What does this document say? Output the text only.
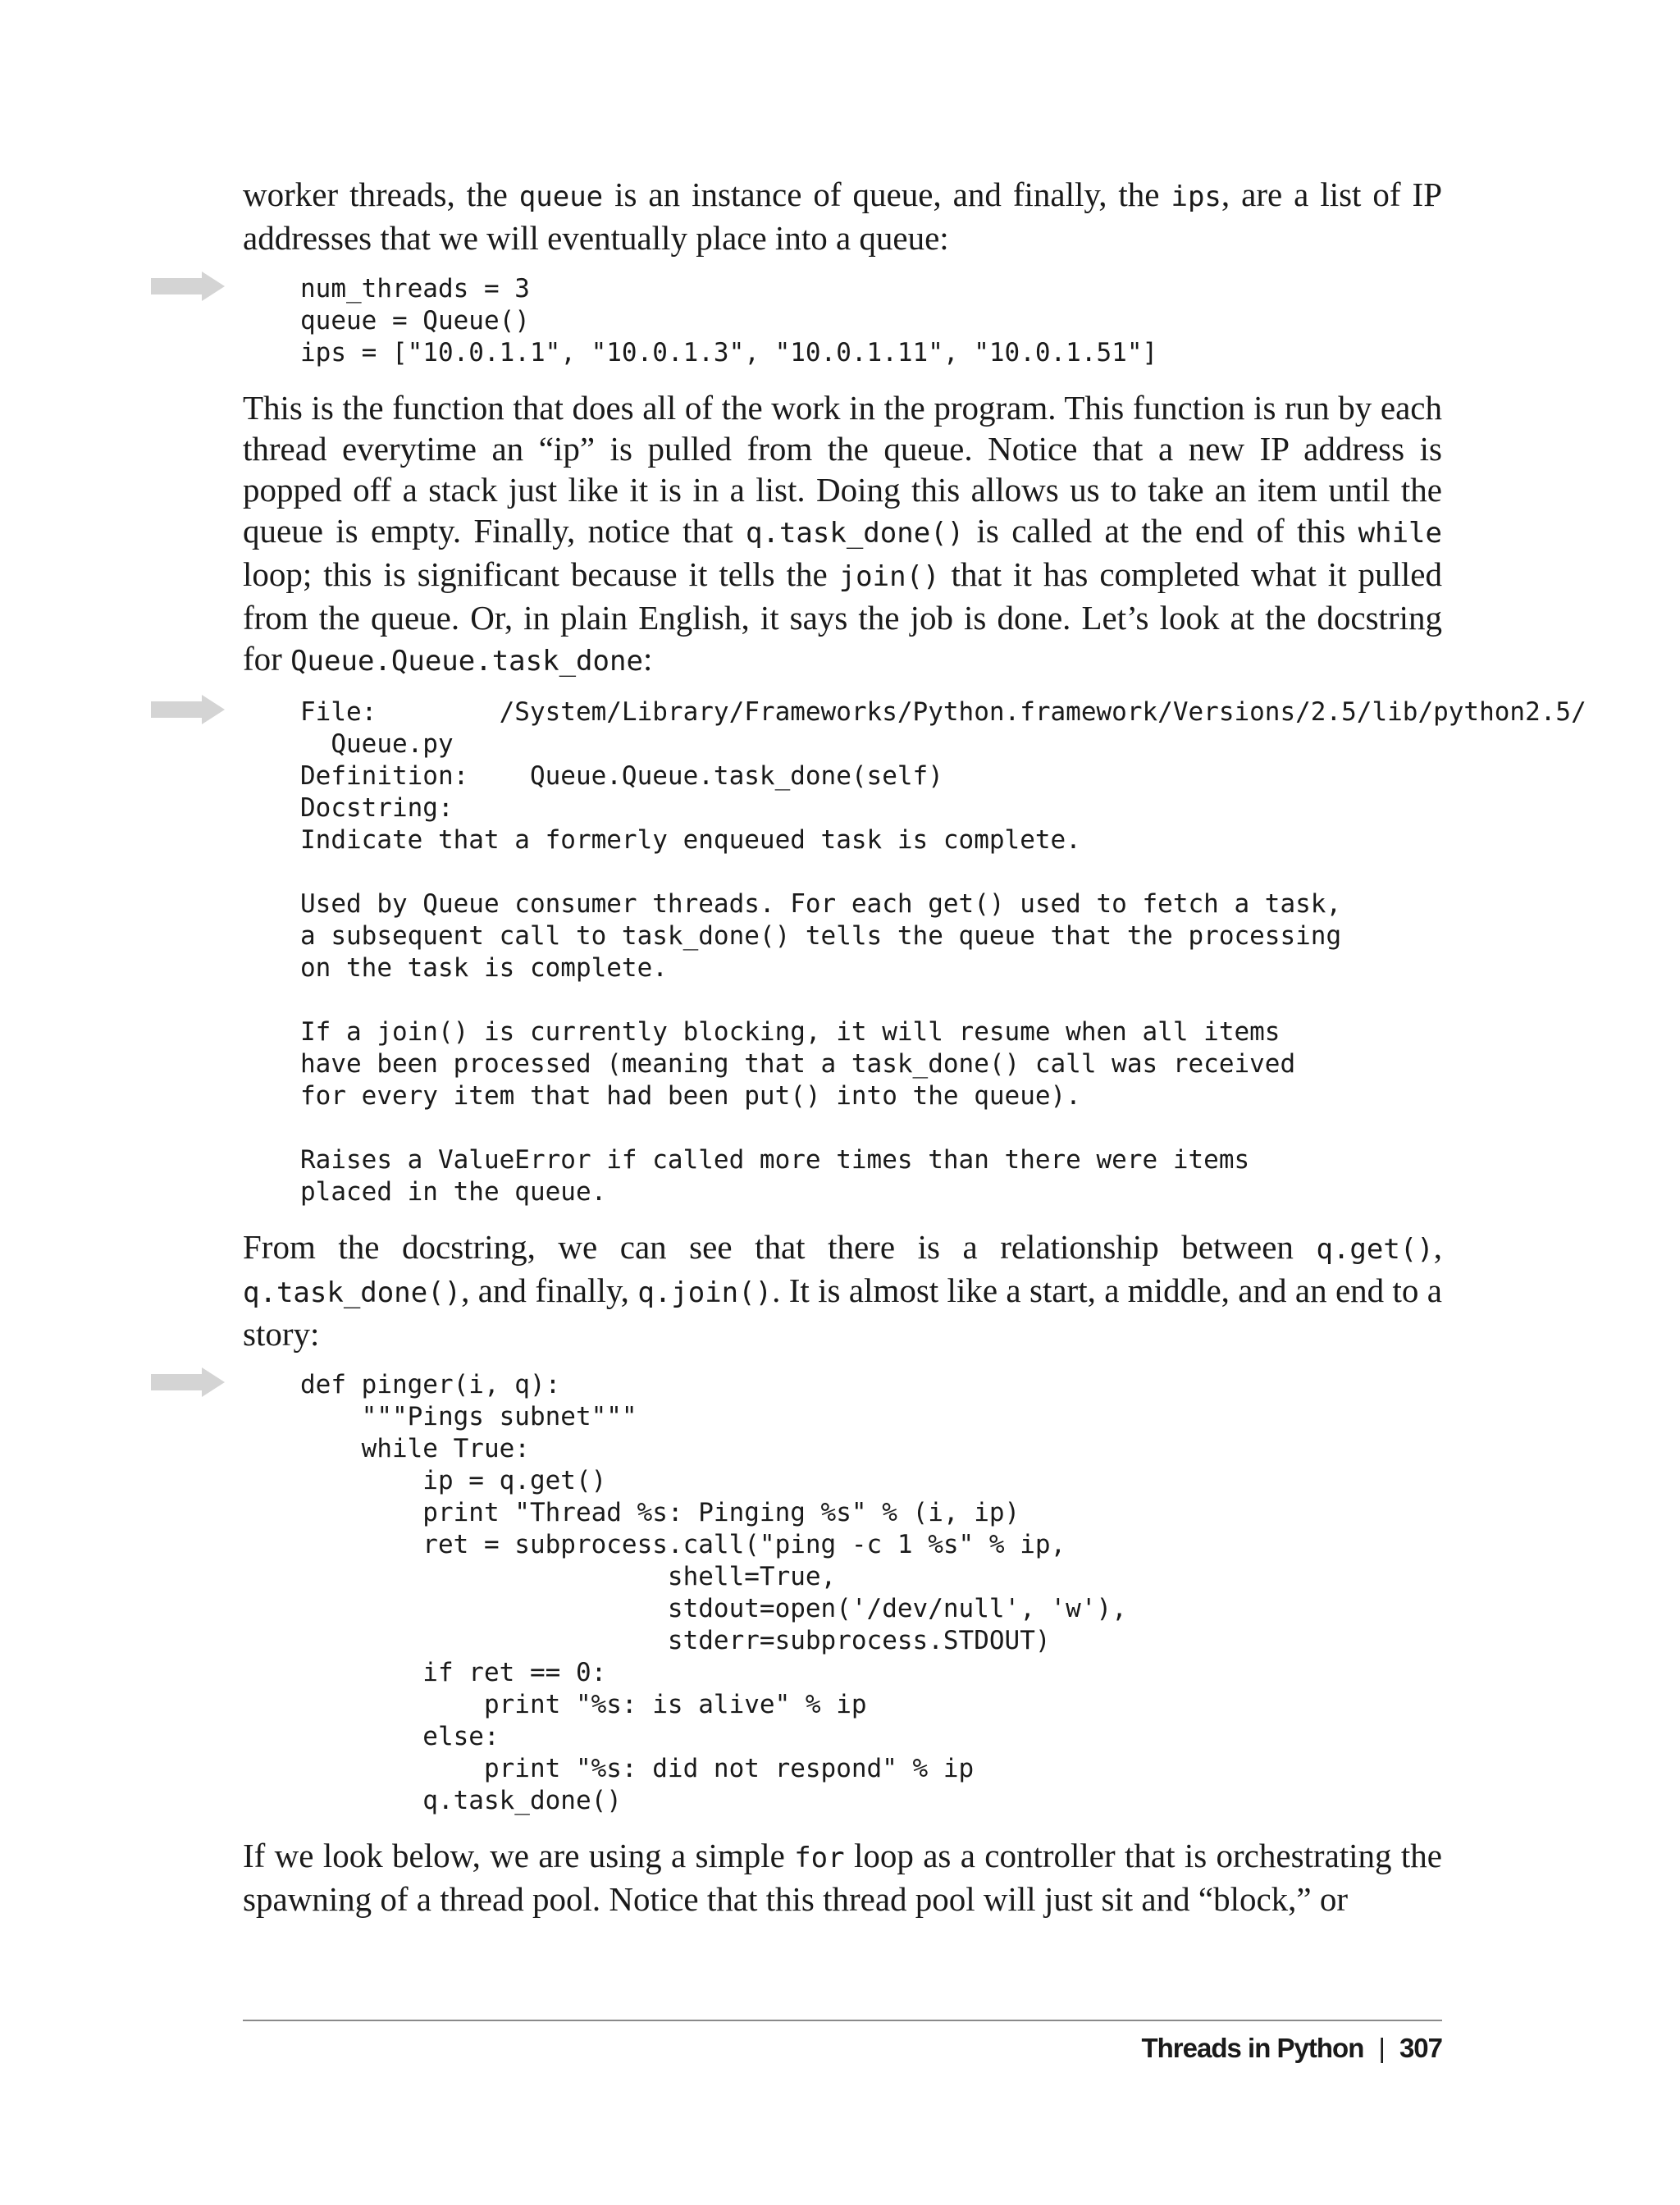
worker threads, the queue is an instance of queue, and finally, the ips, are a list of IP addresses that we will eventually place into a queue:

num_threads = 3
queue = Queue()
ips = ["10.0.1.1", "10.0.1.3", "10.0.1.11", "10.0.1.51"]

This is the function that does all of the work in the program. This function is run by each thread everytime an “ip” is pulled from the queue. Notice that a new IP address is popped off a stack just like it is in a list. Doing this allows us to take an item until the queue is empty. Finally, notice that q.task_done() is called at the end of this while loop; this is significant because it tells the join() that it has completed what it pulled from the queue. Or, in plain English, it says the job is done. Let’s look at the docstring for Queue.Queue.task_done:

File:        /System/Library/Frameworks/Python.framework/Versions/2.5/lib/python2.5/
Queue.py
Definition:    Queue.Queue.task_done(self)
Docstring:
Indicate that a formerly enqueued task is complete.

Used by Queue consumer threads. For each get() used to fetch a task,
a subsequent call to task_done() tells the queue that the processing
on the task is complete.

If a join() is currently blocking, it will resume when all items
have been processed (meaning that a task_done() call was received
for every item that had been put() into the queue).

Raises a ValueError if called more times than there were items
placed in the queue.

From the docstring, we can see that there is a relationship between q.get(), q.task_done(), and finally, q.join(). It is almost like a start, a middle, and an end to a story:

def pinger(i, q):
"""Pings subnet"""
while True:
ip = q.get()
print "Thread %s: Pinging %s" % (i, ip)
ret = subprocess.call("ping -c 1 %s" % ip,
shell=True,
stdout=open('/dev/null', 'w'),
stderr=subprocess.STDOUT)
if ret == 0:
print "%s: is alive" % ip
else:
print "%s: did not respond" % ip
q.task_done()

If we look below, we are using a simple for loop as a controller that is orchestrating the spawning of a thread pool. Notice that this thread pool will just sit and “block,” or

Threads in Python | 307
